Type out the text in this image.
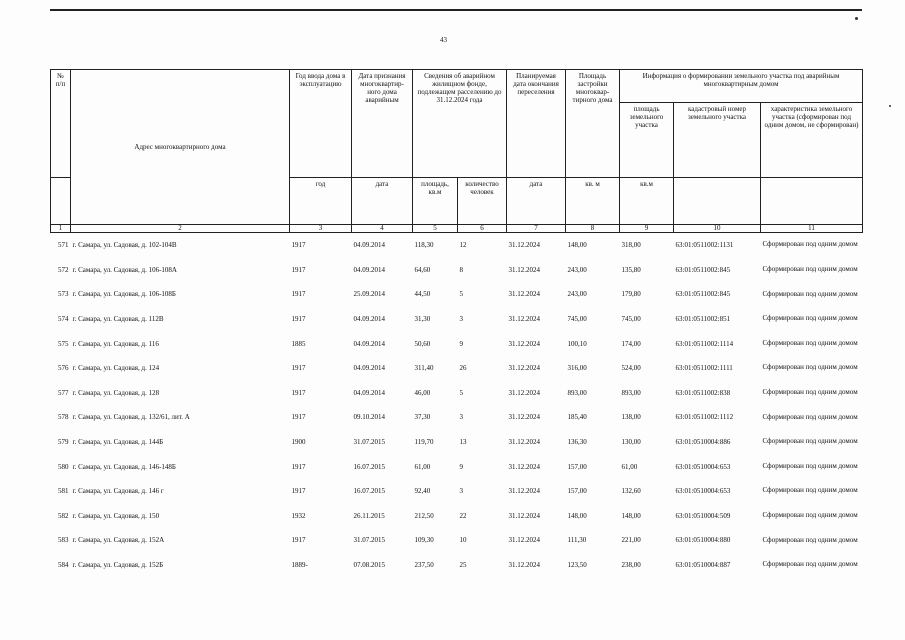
43
№
п/п	Адрес многоквартирного дома	Год ввода дома в эксплуатацию	Дата признания многоквартир-ного дома аварийным	Сведения об аварийном жилищном фонде, подлежащем расселению до 31.12.2024 года		Планируемая дата окончания переселения	Площадь застройки многоквар-тирного дома	Информация о формировании земельного участка под аварийным многоквартирным домом		
								площадь земельного участка	кадастровый номер земельного участка	характеристика земельного участка (сформирован под одним домом, не сформирован)
		год	дата	площадь, кв.м	количество человек	дата	кв. м	кв.м		
1	2	3	4	5	6	7	8	9	10	11
571	г. Самара, ул. Садовая, д. 102-104В	1917	04.09.2014	118,30	12	31.12.2024	148,00	318,00	63:01:0511002:1131	Сформирован под одним домом
572	г. Самара, ул. Садовая, д. 106-108А	1917	04.09.2014	64,60	8	31.12.2024	243,00	135,80	63:01:0511002:845	Сформирован под одним домом
573	г. Самара, ул. Садовая, д. 106-108Б	1917	25.09.2014	44,50	5	31.12.2024	243,00	179,80	63:01:0511002:845	Сформирован под одним домом
574	г. Самара, ул. Садовая, д. 112В	1917	04.09.2014	31,30	3	31.12.2024	745,00	745,00	63:01:0511002:851	Сформирован под одним домом
575	г. Самара, ул. Садовая, д. 116	1885	04.09.2014	50,60	9	31.12.2024	100,10	174,00	63:01:0511002:1114	Сформирован под одним домом
576	г. Самара, ул. Садовая, д. 124	1917	04.09.2014	311,40	26	31.12.2024	316,00	524,00	63:01:0511002:1111	Сформирован под одним домом
577	г. Самара, ул. Садовая, д. 128	1917	04.09.2014	46,00	5	31.12.2024	893,00	893,00	63:01:0511002:838	Сформирован под одним домом
578	г. Самара, ул. Садовая, д. 132/61, лит. А	1917	09.10.2014	37,30	3	31.12.2024	185,40	138,00	63:01:0511002:1112	Сформирован под одним домом
579	г. Самара, ул. Садовая, д. 144Б	1900	31.07.2015	119,70	13	31.12.2024	136,30	130,00	63:01:0510004:886	Сформирован под одним домом
580	г. Самара, ул. Садовая, д. 146-148Б	1917	16.07.2015	61,00	9	31.12.2024	157,00	61,00	63:01:0510004:653	Сформирован под одним домом
581	г. Самара, ул. Садовая, д. 146 г	1917	16.07.2015	92,40	3	31.12.2024	157,00	132,60	63:01:0510004:653	Сформирован под одним домом
582	г. Самара, ул. Садовая, д. 150	1932	26.11.2015	212,50	22	31.12.2024	148,00	148,00	63:01:0510004:509	Сформирован под одним домом
583	г. Самара, ул. Садовая, д. 152А	1917	31.07.2015	109,30	10	31.12.2024	111,30	221,00	63:01:0510004:880	Сформирован под одним домом
584	г. Самара, ул. Садовая, д. 152Б	1889-	07.08.2015	237,50	25	31.12.2024	123,50	238,00	63:01:0510004:887	Сформирован под одним домом
